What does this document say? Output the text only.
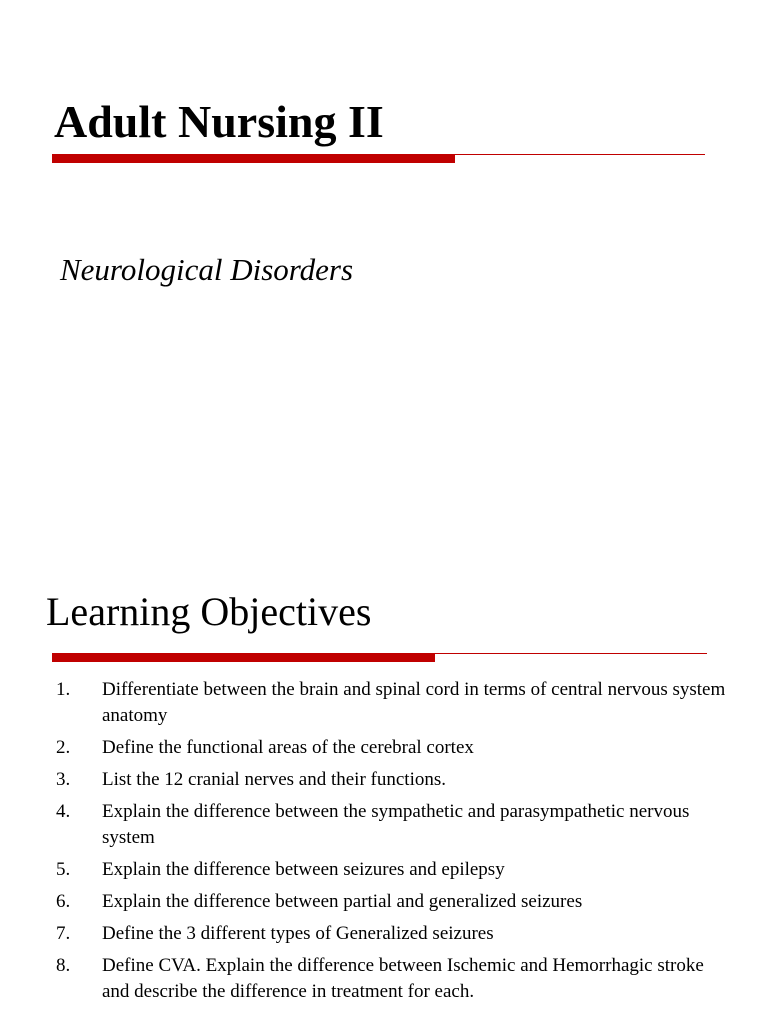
Adult Nursing II

Neurological Disorders

Learning Objectives
1.	Differentiate between the brain and spinal cord in terms of central nervous system anatomy
2.	Define the functional areas of the cerebral cortex
3.	List the 12 cranial nerves and their functions.
4.	Explain the difference between the sympathetic and parasympathetic nervous system
5.	Explain the difference between seizures and epilepsy
6.	Explain the difference between partial and generalized seizures
7.	Define the 3 different types of Generalized seizures
8.	Define CVA. Explain the difference between Ischemic and Hemorrhagic stroke and describe the difference in treatment for each.
